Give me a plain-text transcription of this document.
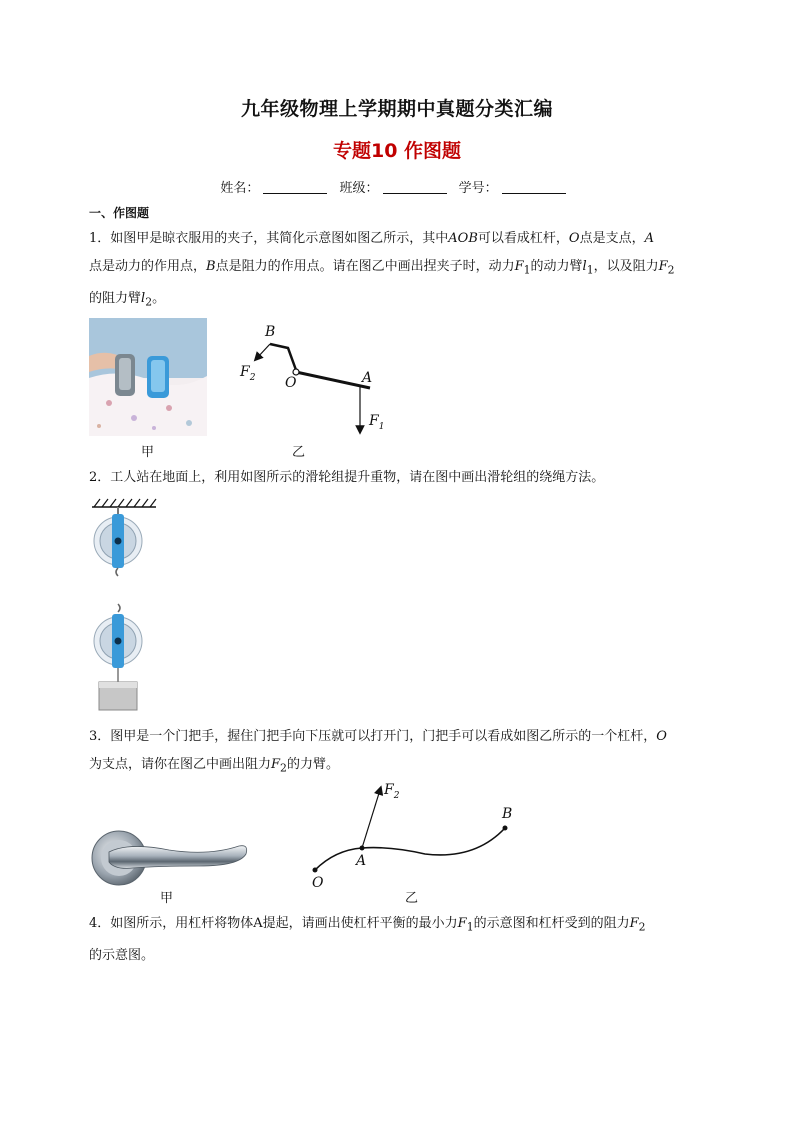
九年级物理上学期期中真题分类汇编
专题10 作图题
姓名：	班级：	学号：
一、作图题
1．如图甲是晾衣服用的夹子，其简化示意图如图乙所示，其中AOB可以看成杠杆，O点是支点，A
点是动力的作用点，B点是阻力的作用点。请在图乙中画出捏夹子时，动力$F_1$的动力臂$l_1$，以及阻力$F_2$
的阻力臂$l_2$。
甲
B
O	A
$F_2$
$F_1$
乙
2．工人站在地面上，利用如图所示的滑轮组提升重物，请在图中画出滑轮组的绕绳方法。
3．图甲是一个门把手，握住门把手向下压就可以打开门，门把手可以看成如图乙所示的一个杠杆，O
为支点，请你在图乙中画出阻力$F_2$的力臂。
甲
$F_2$
B
A
O
乙
4．如图所示，用杠杆将物体A提起，请画出使杠杆平衡的最小力$F_1$的示意图和杠杆受到的阻力$F_2$
的示意图。
